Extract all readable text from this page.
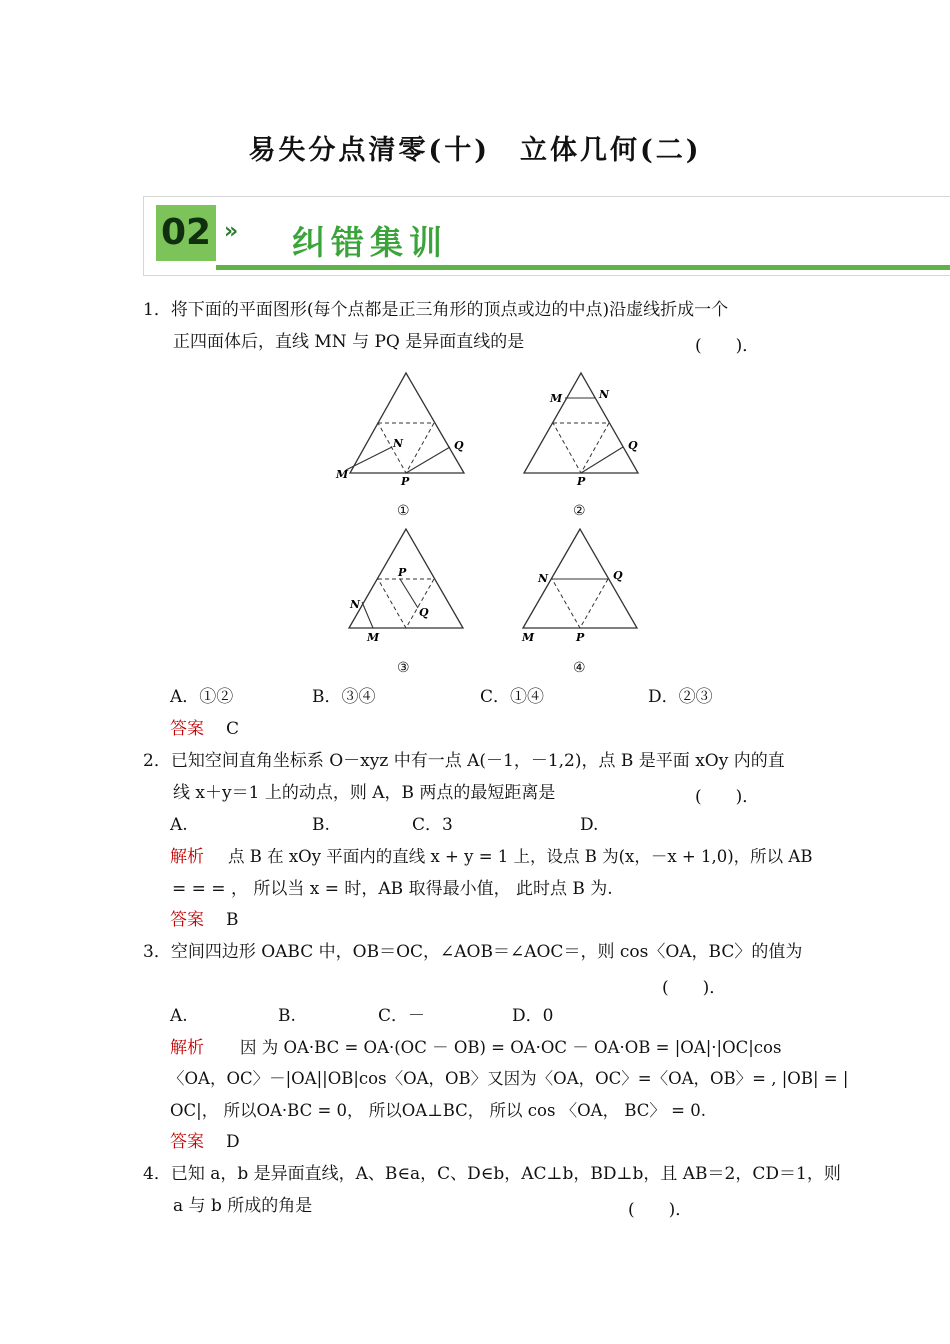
易失分点清零(十)　立体几何(二)
02 » 纠错集训
1．将下面的平面图形(每个点都是正三角形的顶点或边的中点)沿虚线折成一个
正四面体后，直线 MN 与 PQ 是异面直线的是	(　　)．
M
N
P
Q
①
M	N
P
Q
②
N
M
P
Q
③
N	Q
M	P
④
A．①②	B．③④	C．①④	D．②③
答案 C
2．已知空间直角坐标系 O－xyz 中有一点 A(－1，－1,2)，点 B 是平面 xOy 内的直
线 x＋y＝1 上的动点，则 A，B 两点的最短距离是	(　　)．
A.	B.	C．3	D.
解析 点 B 在 xOy 平面内的直线 x + y = 1 上，设点 B 为(x，－x + 1,0)，所以 AB
= = = ， 所以当 x = 时，AB 取得最小值， 此时点 B 为.
答案 B
3．空间四边形 OABC 中，OB＝OC，∠AOB＝∠AOC＝，则 cos〈OA，BC〉的值为
(　　)．
A.	B.	C．－	D．0
解析 因 为 OA·BC = OA·(OC － OB) = OA·OC － OA·OB = |OA|·|OC|cos
〈OA，OC〉－|OA||OB|cos〈OA，OB〉又因为〈OA，OC〉=〈OA，OB〉= , |OB| = |
OC|， 所以OA·BC = 0， 所以OA⊥BC， 所以 cos 〈OA， BC〉 = 0.
答案 D
4．已知 a，b 是异面直线，A、B∈a，C、D∈b，AC⊥b，BD⊥b，且 AB＝2，CD＝1，则
a 与 b 所成的角是	(　　)．
